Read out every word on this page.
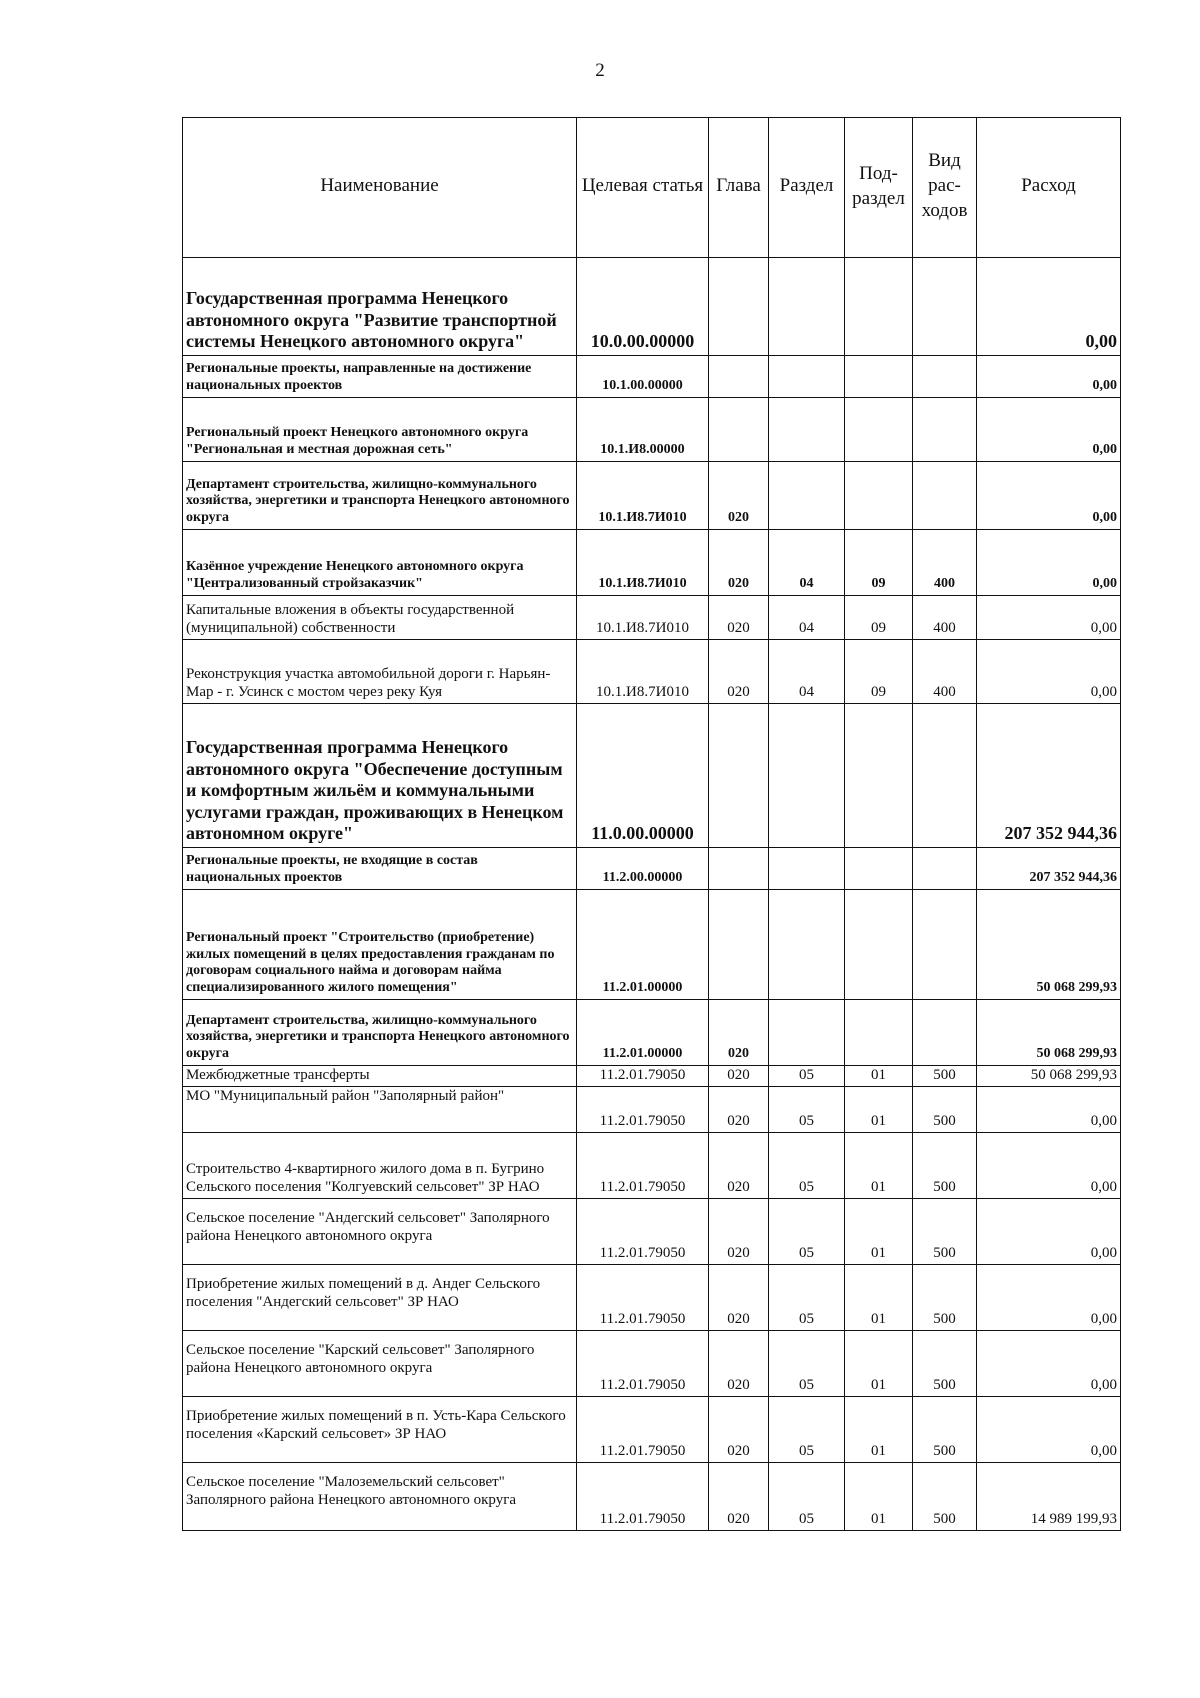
2
Наименование	Целевая статья	Глава	Раздел	Под-раздел	Вид рас-ходов	Расход
Государственная программа Ненецкого автономного округа "Развитие транспортной системы Ненецкого автономного округа"	10.0.00.00000					0,00
Региональные проекты, направленные на достижение национальных проектов	10.1.00.00000					0,00
Региональный проект Ненецкого автономного округа "Региональная и местная дорожная сеть"	10.1.И8.00000					0,00
Департамент строительства, жилищно-коммунального хозяйства, энергетики и транспорта Ненецкого автономного округа	10.1.И8.7И010	020				0,00
Казённое учреждение Ненецкого автономного округа "Централизованный стройзаказчик"	10.1.И8.7И010	020	04	09	400	0,00
Капитальные вложения в объекты государственной (муниципальной) собственности	10.1.И8.7И010	020	04	09	400	0,00
Реконструкция участка автомобильной дороги г. Нарьян-Мар - г. Усинск с мостом через реку Куя	10.1.И8.7И010	020	04	09	400	0,00
Государственная программа Ненецкого автономного округа "Обеспечение доступным и комфортным жильём и коммунальными услугами граждан, проживающих в Ненецком автономном округе"	11.0.00.00000					207 352 944,36
Региональные проекты, не входящие в состав национальных проектов	11.2.00.00000					207 352 944,36
Региональный проект "Строительство (приобретение) жилых помещений в целях предоставления гражданам по договорам социального найма и договорам найма специализированного жилого помещения"	11.2.01.00000					50 068 299,93
Департамент строительства, жилищно-коммунального хозяйства, энергетики и транспорта Ненецкого автономного округа	11.2.01.00000	020				50 068 299,93
Межбюджетные трансферты	11.2.01.79050	020	05	01	500	50 068 299,93
МО "Муниципальный район "Заполярный район"	11.2.01.79050	020	05	01	500	0,00
Строительство 4-квартирного жилого дома в п. Бугрино Сельского поселения "Колгуевский сельсовет" ЗР НАО	11.2.01.79050	020	05	01	500	0,00
Сельское поселение "Андегский сельсовет" Заполярного района Ненецкого автономного округа	11.2.01.79050	020	05	01	500	0,00
Приобретение жилых помещений в д. Андег Сельского поселения "Андегский сельсовет" ЗР НАО	11.2.01.79050	020	05	01	500	0,00
Сельское поселение "Карский сельсовет" Заполярного района Ненецкого автономного округа	11.2.01.79050	020	05	01	500	0,00
Приобретение жилых помещений в п. Усть-Кара Сельского поселения «Карский сельсовет» ЗР НАО	11.2.01.79050	020	05	01	500	0,00
Сельское поселение "Малоземельский сельсовет" Заполярного района Ненецкого автономного округа	11.2.01.79050	020	05	01	500	14 989 199,93
